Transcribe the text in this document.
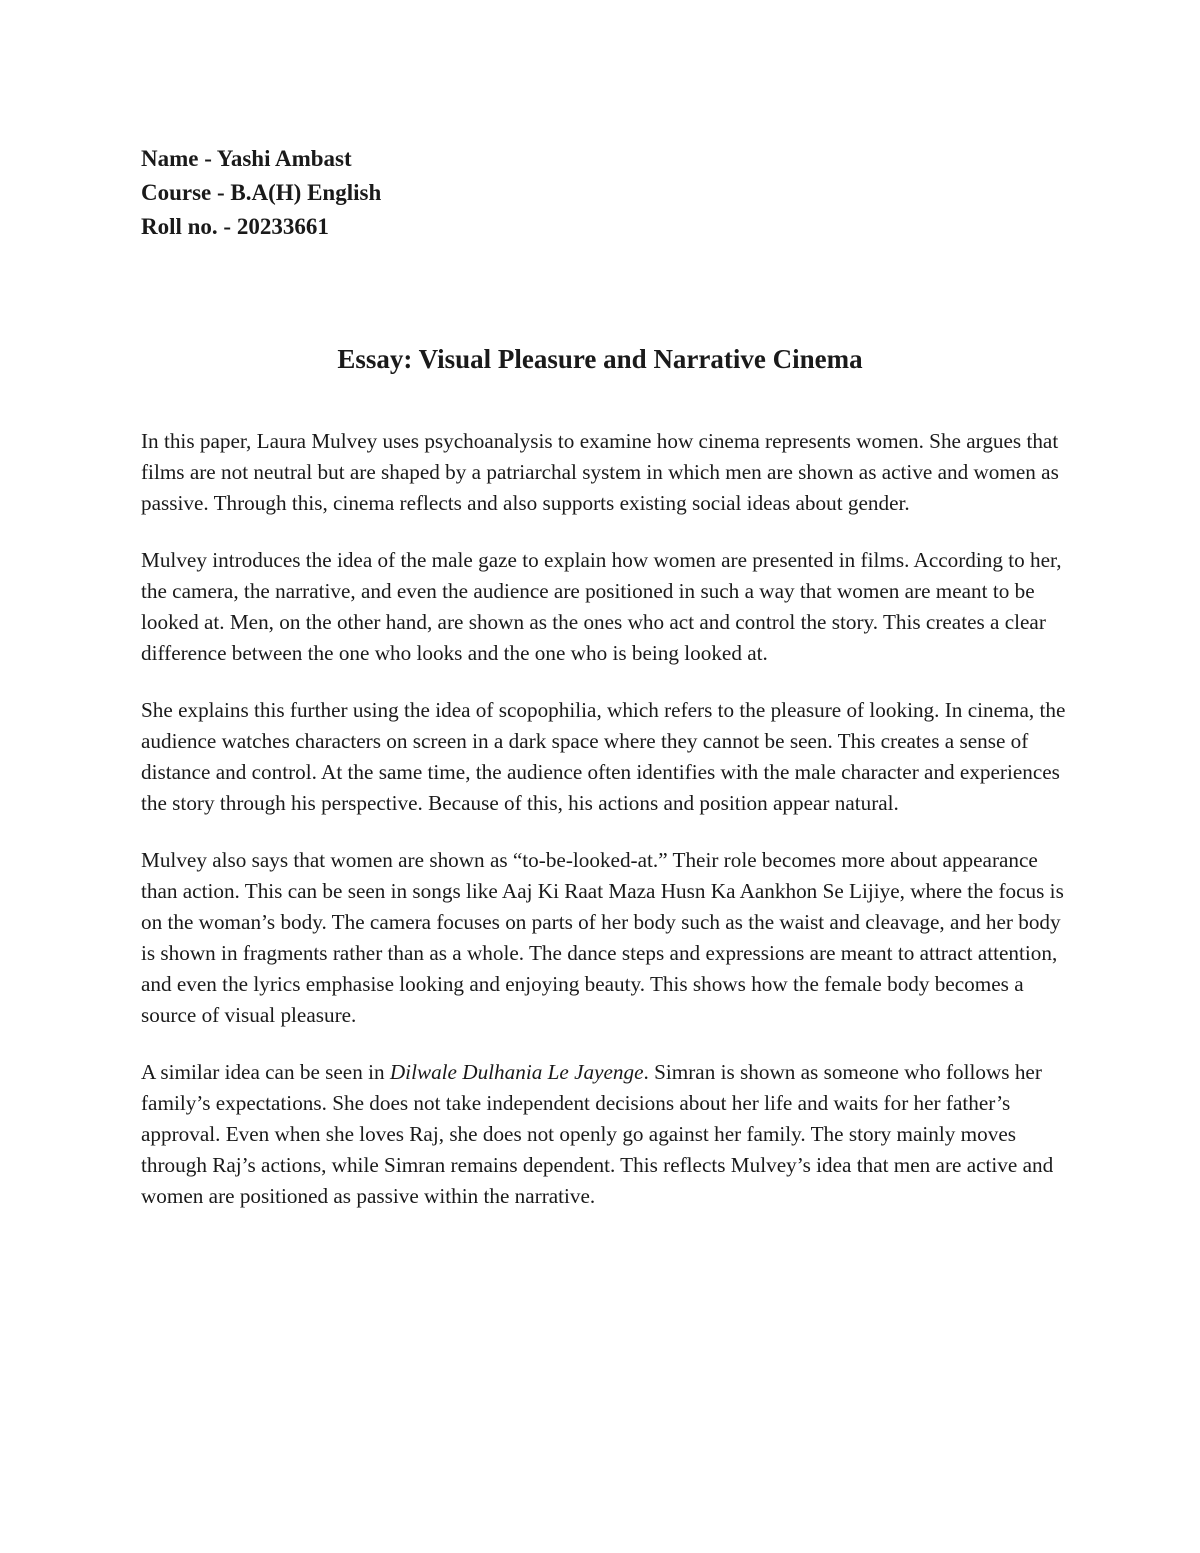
Name - Yashi Ambast
Course - B.A(H) English
Roll no. - 20233661
Essay: Visual Pleasure and Narrative Cinema

In this paper, Laura Mulvey uses psychoanalysis to examine how cinema represents women. She argues that films are not neutral but are shaped by a patriarchal system in which men are shown as active and women as passive. Through this, cinema reflects and also supports existing social ideas about gender.

Mulvey introduces the idea of the male gaze to explain how women are presented in films. According to her, the camera, the narrative, and even the audience are positioned in such a way that women are meant to be looked at. Men, on the other hand, are shown as the ones who act and control the story. This creates a clear difference between the one who looks and the one who is being looked at.

She explains this further using the idea of scopophilia, which refers to the pleasure of looking. In cinema, the audience watches characters on screen in a dark space where they cannot be seen. This creates a sense of distance and control. At the same time, the audience often identifies with the male character and experiences the story through his perspective. Because of this, his actions and position appear natural.

Mulvey also says that women are shown as “to-be-looked-at.” Their role becomes more about appearance than action. This can be seen in songs like Aaj Ki Raat Maza Husn Ka Aankhon Se Lijiye, where the focus is on the woman’s body. The camera focuses on parts of her body such as the waist and cleavage, and her body is shown in fragments rather than as a whole. The dance steps and expressions are meant to attract attention, and even the lyrics emphasise looking and enjoying beauty. This shows how the female body becomes a source of visual pleasure.

A similar idea can be seen in Dilwale Dulhania Le Jayenge. Simran is shown as someone who follows her family’s expectations. She does not take independent decisions about her life and waits for her father’s approval. Even when she loves Raj, she does not openly go against her family. The story mainly moves through Raj’s actions, while Simran remains dependent. This reflects Mulvey’s idea that men are active and women are positioned as passive within the narrative.
